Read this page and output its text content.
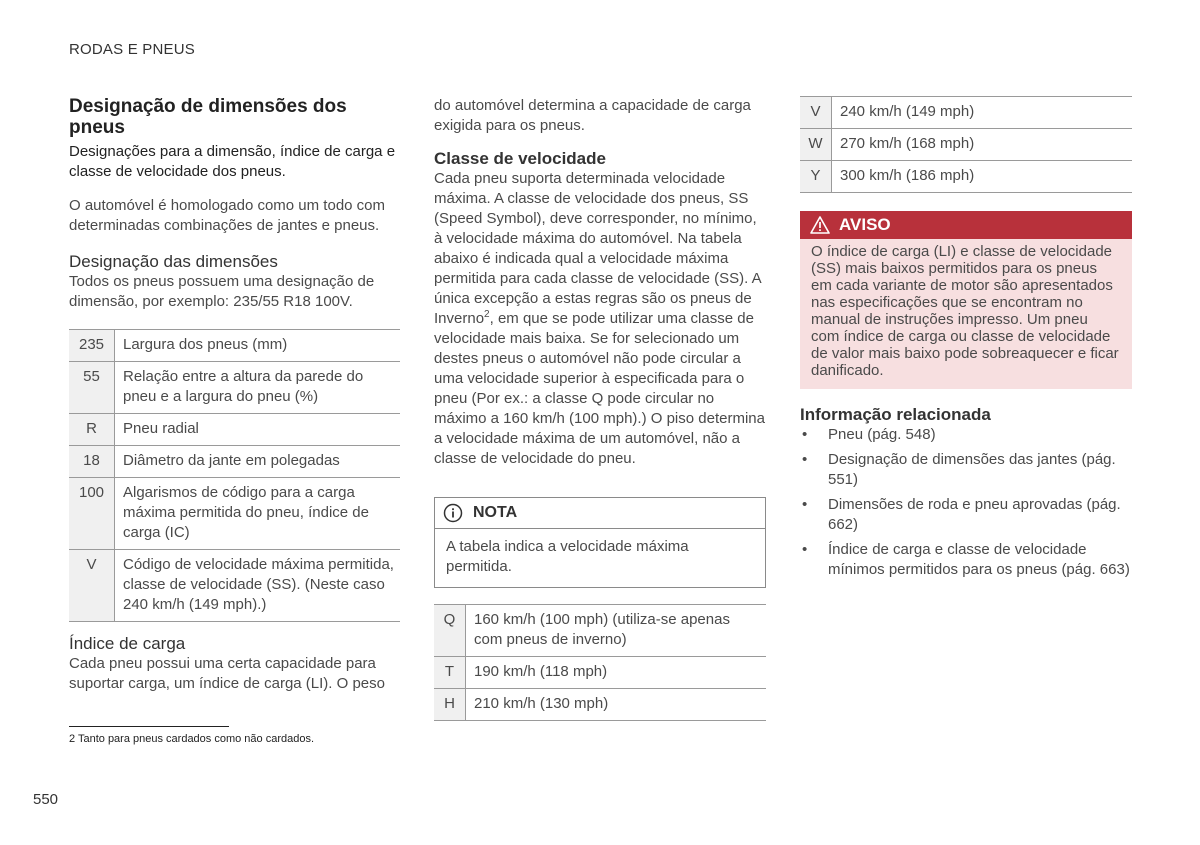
RODAS E PNEUS
Designação de dimensões dos pneus

Designações para a dimensão, índice de carga e classe de velocidade dos pneus.

O automóvel é homologado como um todo com determinadas combinações de jantes e pneus.

Designação das dimensões

Todos os pneus possuem uma designação de dimensão, por exemplo: 235/55 R18 100V.

235	Largura dos pneus (mm)
55	Relação entre a altura da parede do pneu e a largura do pneu (%)
R	Pneu radial
18	Diâmetro da jante em polegadas
100	Algarismos de código para a carga máxima permitida do pneu, índice de carga (IC)
V	Código de velocidade máxima permitida, classe de velocidade (SS). (Neste caso 240 km/h (149 mph).)
Índice de carga

Cada pneu possui uma certa capacidade para suportar carga, um índice de carga (LI). O peso

do automóvel determina a capacidade de carga exigida para os pneus.

Classe de velocidade

Cada pneu suporta determinada velocidade máxima. A classe de velocidade dos pneus, SS (Speed Symbol), deve corresponder, no mínimo, à velocidade máxima do automóvel. Na tabela abaixo é indicada qual a velocidade máxima permitida para cada classe de velocidade (SS). A única excepção a estas regras são os pneus de Inverno$^2$, em que se pode utilizar uma classe de velocidade mais baixa. Se for selecionado um destes pneus o automóvel não pode circular a uma velocidade superior à especificada para o pneu (Por ex.: a classe Q pode circular no máximo a 160 km/h (100 mph).) O piso determina a velocidade máxima de um automóvel, não a classe de velocidade do pneu.

NOTA
A tabela indica a velocidade máxima permitida.
Q	160 km/h (100 mph) (utiliza-se apenas com pneus de inverno)
T	190 km/h (118 mph)
H	210 km/h (130 mph)
V	240 km/h (149 mph)
W	270 km/h (168 mph)
Y	300 km/h (186 mph)
AVISO
O índice de carga (LI) e classe de velocidade (SS) mais baixos permitidos para os pneus em cada variante de motor são apresentados nas especificações que se encontram no manual de instruções impresso. Um pneu com índice de carga ou classe de velocidade de valor mais baixo pode sobreaquecer e ficar danificado.
Informação relacionada
• Pneu (pág. 548)
• Designação de dimensões das jantes (pág. 551)
• Dimensões de roda e pneu aprovadas (pág. 662)
• Índice de carga e classe de velocidade mínimos permitidos para os pneus (pág. 663)
2 Tanto para pneus cardados como não cardados.
550
